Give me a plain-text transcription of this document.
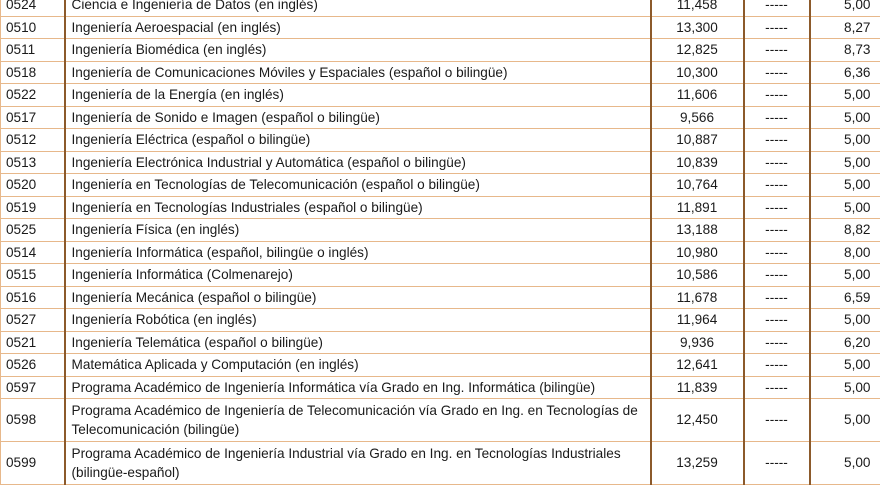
0524	Ciencia e Ingeniería de Datos (en inglés)	11,458	-----	5,00
0510	Ingeniería Aeroespacial (en inglés)	13,300	-----	8,27
0511	Ingeniería Biomédica (en inglés)	12,825	-----	8,73
0518	Ingeniería de Comunicaciones Móviles y Espaciales (español o bilingüe)	10,300	-----	6,36
0522	Ingeniería de la Energía (en inglés)	11,606	-----	5,00
0517	Ingeniería de Sonido e Imagen (español o bilingüe)	9,566	-----	5,00
0512	Ingeniería Eléctrica (español o bilingüe)	10,887	-----	5,00
0513	Ingeniería Electrónica Industrial y Automática (español o bilingüe)	10,839	-----	5,00
0520	Ingeniería en Tecnologías de Telecomunicación (español o bilingüe)	10,764	-----	5,00
0519	Ingeniería en Tecnologías Industriales (español o bilingüe)	11,891	-----	5,00
0525	Ingeniería Física (en inglés)	13,188	-----	8,82
0514	Ingeniería Informática (español, bilingüe o inglés)	10,980	-----	8,00
0515	Ingeniería Informática (Colmenarejo)	10,586	-----	5,00
0516	Ingeniería Mecánica (español o bilingüe)	11,678	-----	6,59
0527	Ingeniería Robótica (en inglés)	11,964	-----	5,00
0521	Ingeniería Telemática (español o bilingüe)	9,936	-----	6,20
0526	Matemática Aplicada y Computación (en inglés)	12,641	-----	5,00
0597	Programa Académico de Ingeniería Informática vía Grado en Ing. Informática (bilingüe)	11,839	-----	5,00
0598	Programa Académico de Ingeniería de Telecomunicación vía Grado en Ing. en Tecnologías de Telecomunicación (bilingüe)	12,450	-----	5,00
0599	Programa Académico de Ingeniería Industrial vía Grado en Ing. en Tecnologías Industriales (bilingüe-español)	13,259	-----	5,00
